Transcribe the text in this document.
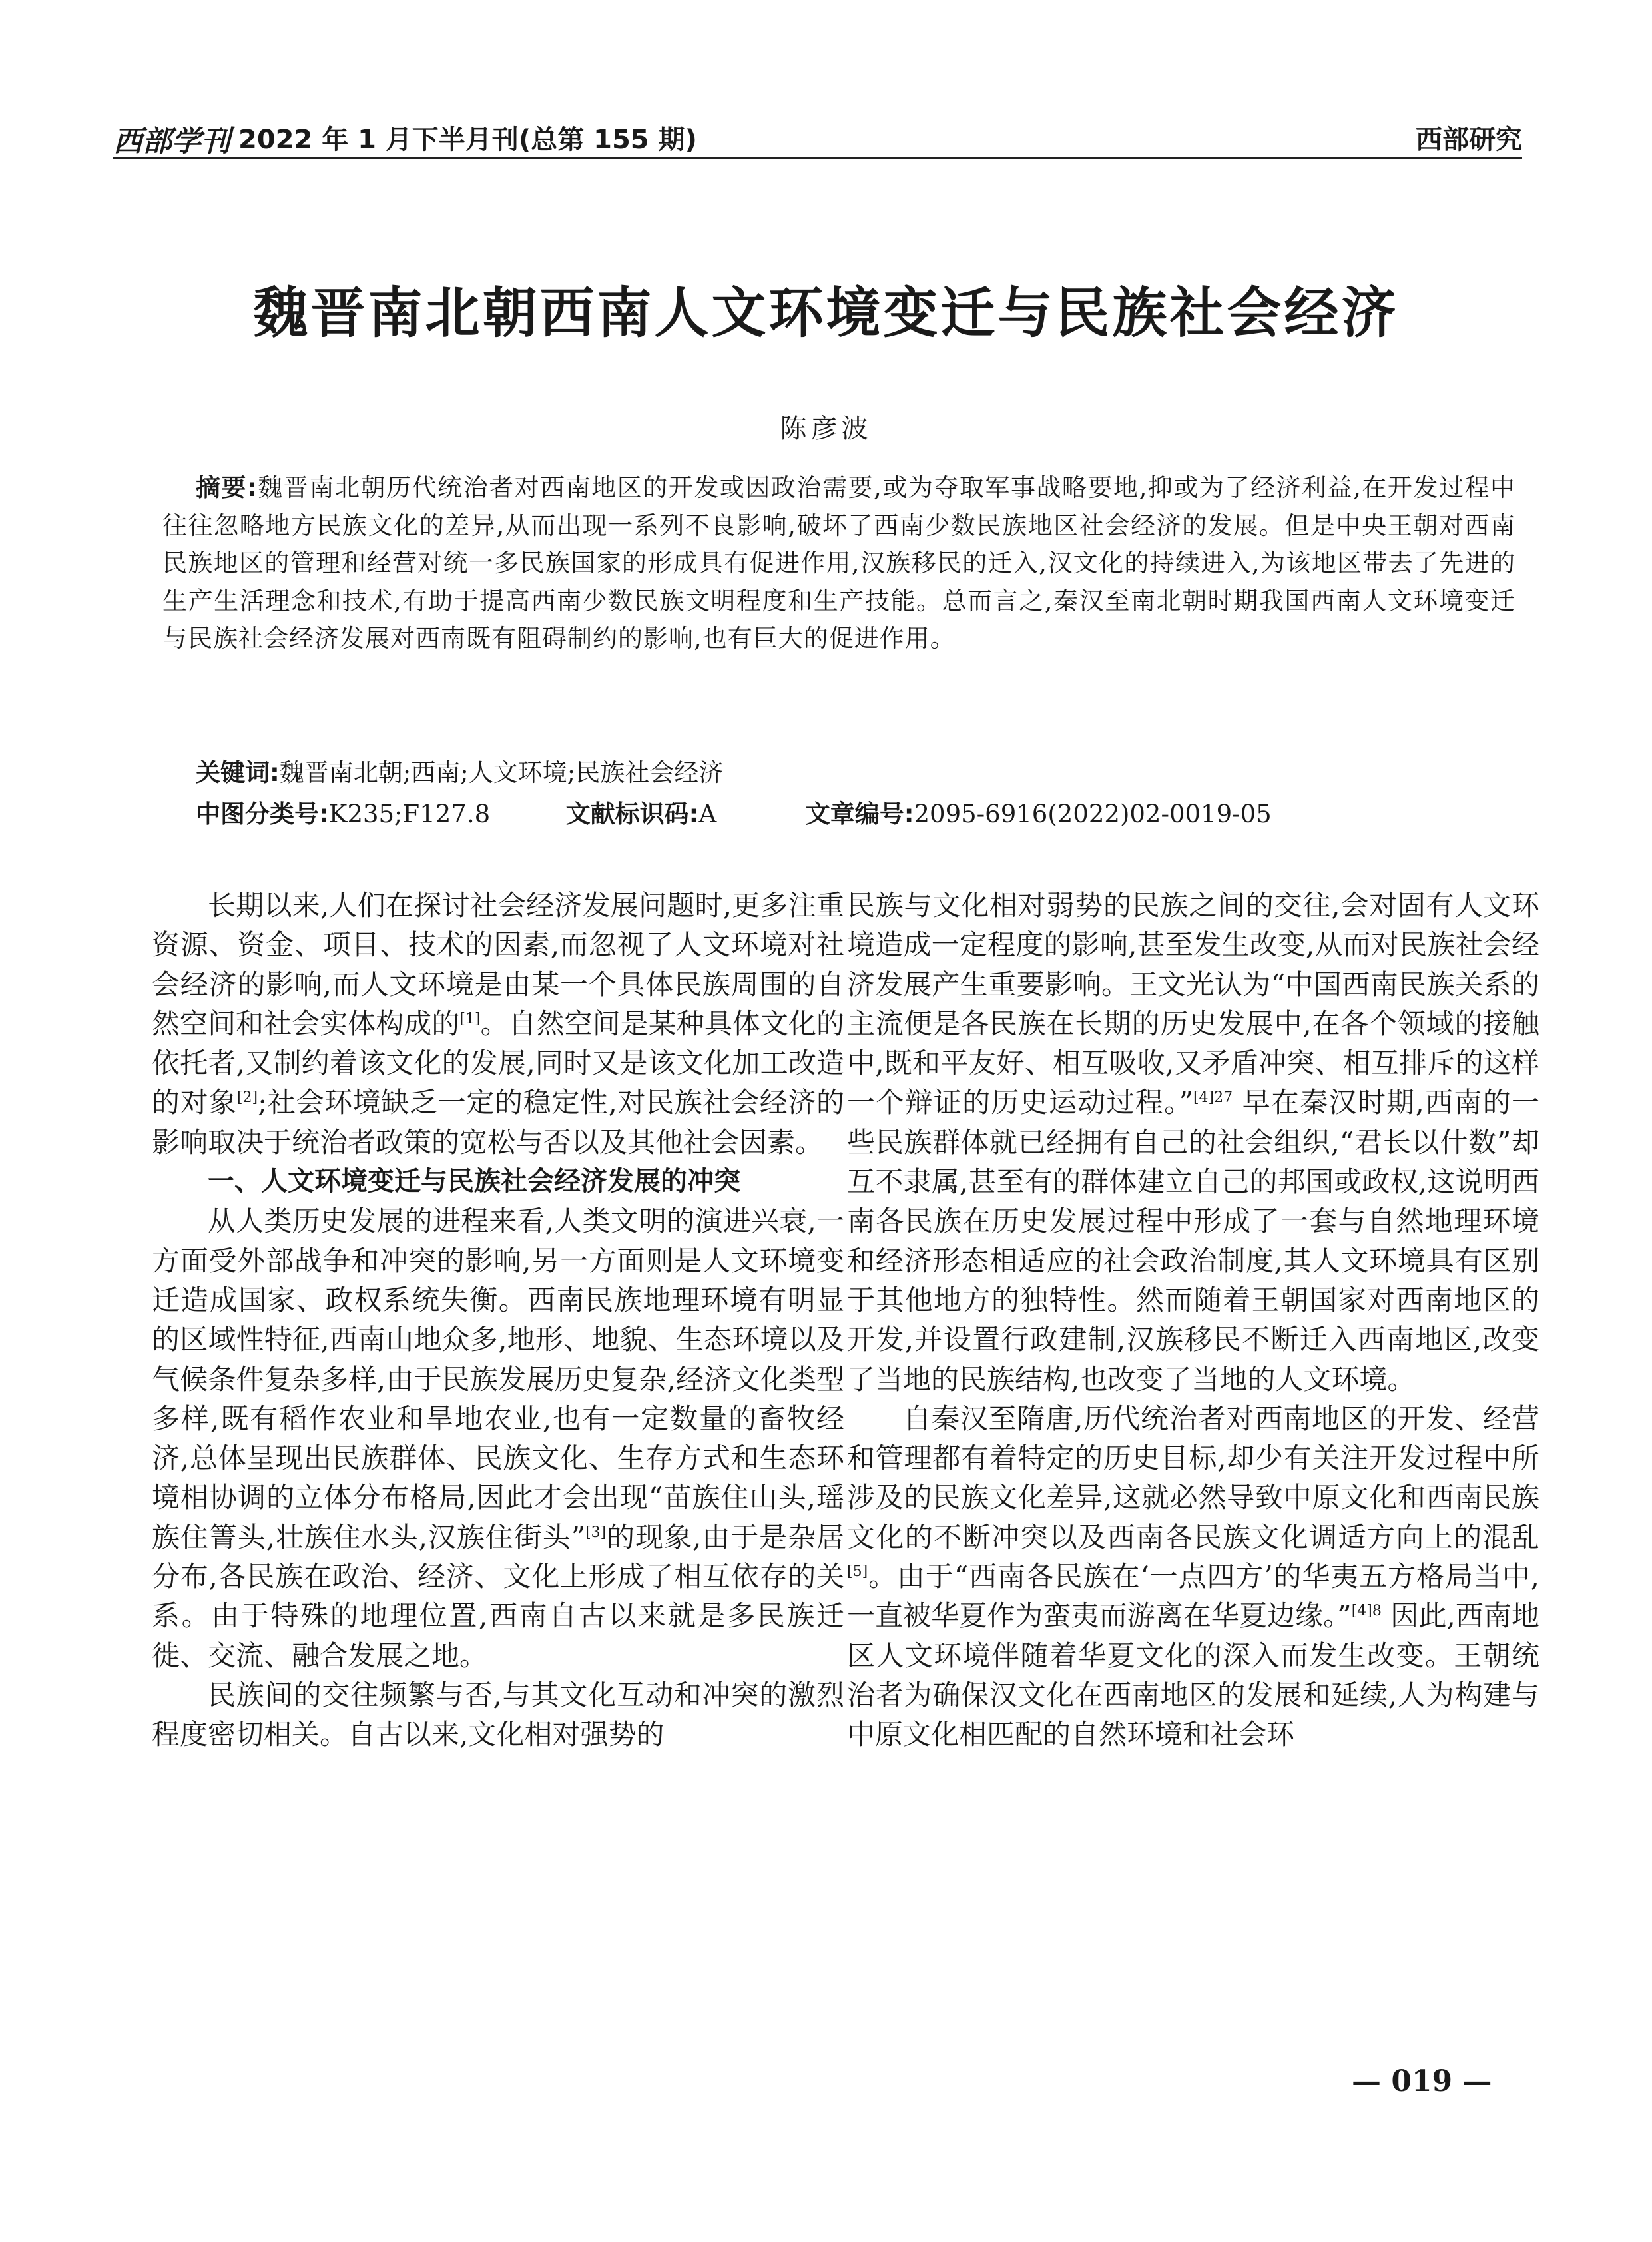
西部学刊 2022 年 1 月下半月刊(总第 155 期)	西部研究
魏晋南北朝西南人文环境变迁与民族社会经济
陈彦波
摘要:魏晋南北朝历代统治者对西南地区的开发或因政治需要,或为夺取军事战略要地,抑或为了经济利益,在开发过程中往往忽略地方民族文化的差异,从而出现一系列不良影响,破坏了西南少数民族地区社会经济的发展。但是中央王朝对西南民族地区的管理和经营对统一多民族国家的形成具有促进作用,汉族移民的迁入,汉文化的持续进入,为该地区带去了先进的生产生活理念和技术,有助于提高西南少数民族文明程度和生产技能。总而言之,秦汉至南北朝时期我国西南人文环境变迁与民族社会经济发展对西南既有阻碍制约的影响,也有巨大的促进作用。
关键词:魏晋南北朝;西南;人文环境;民族社会经济
中图分类号:K235;F127.8	文献标识码:A	文章编号:2095-6916(2022)02-0019-05

长期以来,人们在探讨社会经济发展问题时,更多注重资源、资金、项目、技术的因素,而忽视了人文环境对社会经济的影响,而人文环境是由某一个具体民族周围的自然空间和社会实体构成的[1]。自然空间是某种具体文化的依托者,又制约着该文化的发展,同时又是该文化加工改造的对象[2];社会环境缺乏一定的稳定性,对民族社会经济的影响取决于统治者政策的宽松与否以及其他社会因素。

一、人文环境变迁与民族社会经济发展的冲突

从人类历史发展的进程来看,人类文明的演进兴衰,一方面受外部战争和冲突的影响,另一方面则是人文环境变迁造成国家、政权系统失衡。西南民族地理环境有明显的区域性特征,西南山地众多,地形、地貌、生态环境以及气候条件复杂多样,由于民族发展历史复杂,经济文化类型多样,既有稻作农业和旱地农业,也有一定数量的畜牧经济,总体呈现出民族群体、民族文化、生存方式和生态环境相协调的立体分布格局,因此才会出现“苗族住山头,瑶族住箐头,壮族住水头,汉族住街头”[3]的现象,由于是杂居分布,各民族在政治、经济、文化上形成了相互依存的关系。由于特殊的地理位置,西南自古以来就是多民族迁徙、交流、融合发展之地。

民族间的交往频繁与否,与其文化互动和冲突的激烈程度密切相关。自古以来,文化相对强势的

民族与文化相对弱势的民族之间的交往,会对固有人文环境造成一定程度的影响,甚至发生改变,从而对民族社会经济发展产生重要影响。王文光认为“中国西南民族关系的主流便是各民族在长期的历史发展中,在各个领域的接触中,既和平友好、相互吸收,又矛盾冲突、相互排斥的这样一个辩证的历史运动过程。”$^{[4]27}$ 早在秦汉时期,西南的一些民族群体就已经拥有自己的社会组织,“君长以什数”却互不隶属,甚至有的群体建立自己的邦国或政权,这说明西南各民族在历史发展过程中形成了一套与自然地理环境和经济形态相适应的社会政治制度,其人文环境具有区别于其他地方的独特性。然而随着王朝国家对西南地区的开发,并设置行政建制,汉族移民不断迁入西南地区,改变了当地的民族结构,也改变了当地的人文环境。

自秦汉至隋唐,历代统治者对西南地区的开发、经营和管理都有着特定的历史目标,却少有关注开发过程中所涉及的民族文化差异,这就必然导致中原文化和西南民族文化的不断冲突以及西南各民族文化调适方向上的混乱[5]。由于“西南各民族在‘一点四方’的华夷五方格局当中,一直被华夏作为蛮夷而游离在华夏边缘。”$^{[4]8}$ 因此,西南地区人文环境伴随着华夏文化的深入而发生改变。王朝统治者为确保汉文化在西南地区的发展和延续,人为构建与中原文化相匹配的自然环境和社会环

— 019 —
